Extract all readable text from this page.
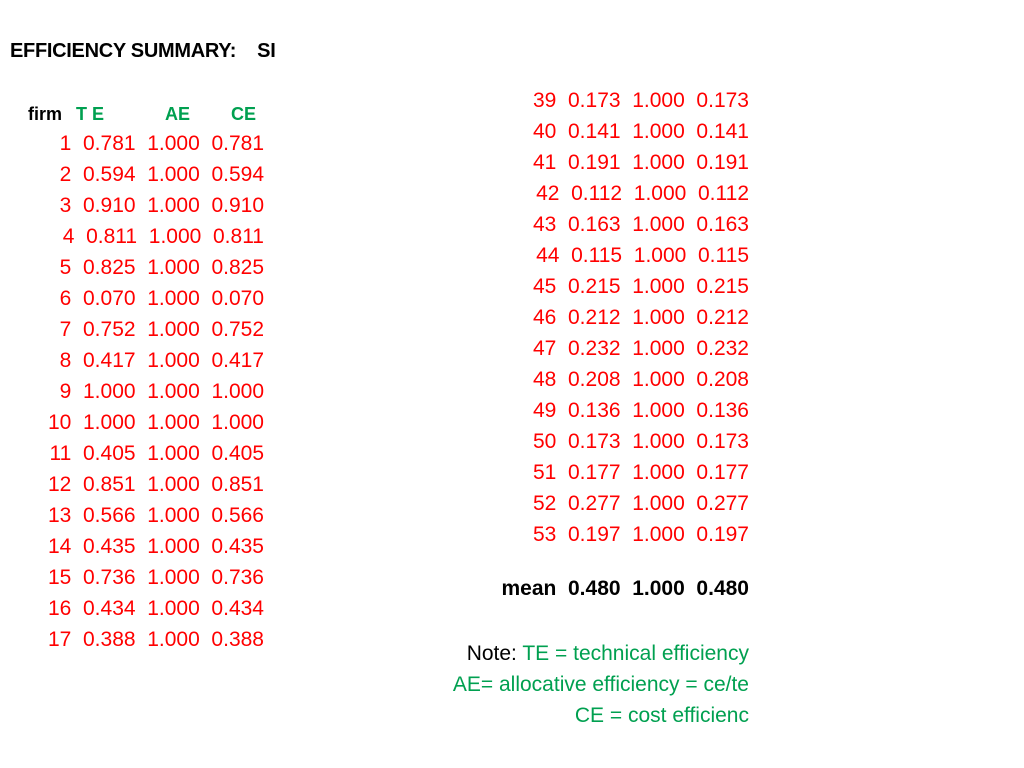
EFFICIENCY SUMMARY:    SI
firm T E	AE	CE
1  0.781  1.000  0.781
2  0.594  1.000  0.594
3  0.910  1.000  0.910
4  0.811  1.000  0.811
5  0.825  1.000  0.825
6  0.070  1.000  0.070
7  0.752  1.000  0.752
8  0.417  1.000  0.417
9  1.000  1.000  1.000
10  1.000  1.000  1.000
11  0.405  1.000  0.405
12  0.851  1.000  0.851
13  0.566  1.000  0.566
14  0.435  1.000  0.435
15  0.736  1.000  0.736
16  0.434  1.000  0.434
17  0.388  1.000  0.388
39  0.173  1.000  0.173
40  0.141  1.000  0.141
41  0.191  1.000  0.191
42  0.112  1.000  0.112
43  0.163  1.000  0.163
44  0.115  1.000  0.115
45  0.215  1.000  0.215
46  0.212  1.000  0.212
47  0.232  1.000  0.232
48  0.208  1.000  0.208
49  0.136  1.000  0.136
50  0.173  1.000  0.173
51  0.177  1.000  0.177
52  0.277  1.000  0.277
53  0.197  1.000  0.197
mean  0.480  1.000  0.480
Note: TE = technical efficiency
AE= allocative efficiency = ce/te
CE = cost efficienc
